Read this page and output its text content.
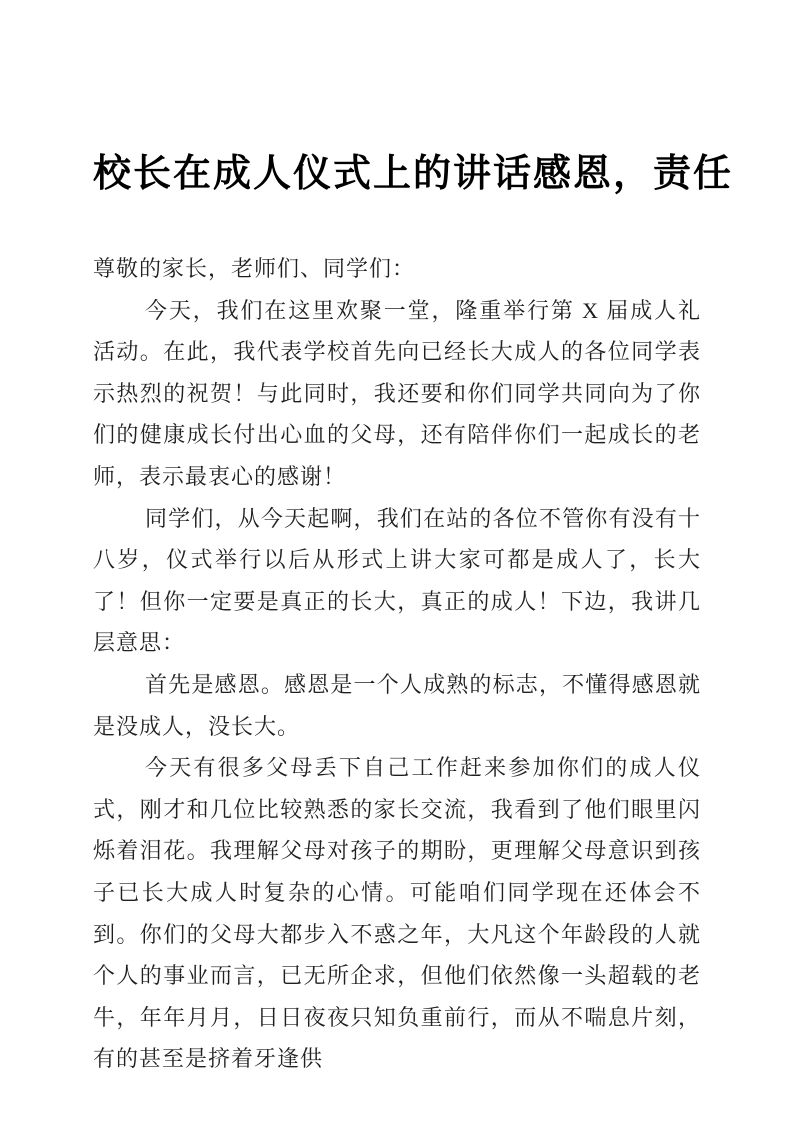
校长在成人仪式上的讲话感恩，责任

尊敬的家长，老师们、同学们：

今天，我们在这里欢聚一堂，隆重举行第 X 届成人礼活动。在此，我代表学校首先向已经长大成人的各位同学表示热烈的祝贺！与此同时，我还要和你们同学共同向为了你们的健康成长付出心血的父母，还有陪伴你们一起成长的老师，表示最衷心的感谢！

同学们，从今天起啊，我们在站的各位不管你有没有十八岁，仪式举行以后从形式上讲大家可都是成人了，长大了！但你一定要是真正的长大，真正的成人！下边，我讲几层意思：

首先是感恩。感恩是一个人成熟的标志，不懂得感恩就是没成人，没长大。

今天有很多父母丢下自己工作赶来参加你们的成人仪式，刚才和几位比较熟悉的家长交流，我看到了他们眼里闪烁着泪花。我理解父母对孩子的期盼，更理解父母意识到孩子已长大成人时复杂的心情。可能咱们同学现在还体会不到。你们的父母大都步入不惑之年，大凡这个年龄段的人就个人的事业而言，已无所企求，但他们依然像一头超载的老牛，年年月月，日日夜夜只知负重前行，而从不喘息片刻，有的甚至是挤着牙逢供
